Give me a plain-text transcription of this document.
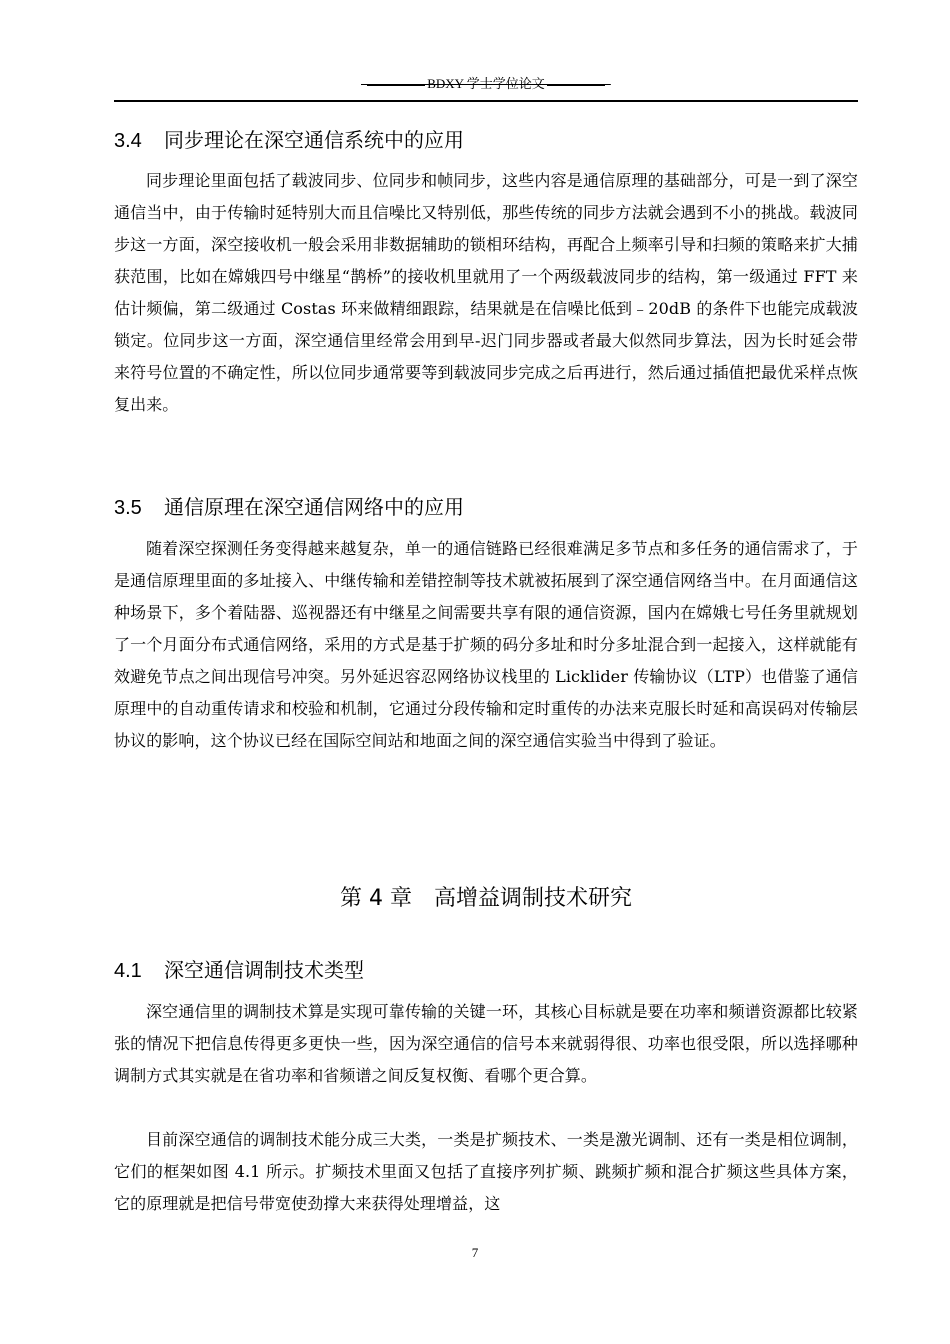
BDXY 学士学位论文
3.4 同步理论在深空通信系统中的应用
同步理论里面包括了载波同步、位同步和帧同步，这些内容是通信原理的基础部分，可是一到了深空通信当中，由于传输时延特别大而且信噪比又特别低，那些传统的同步方法就会遇到不小的挑战。载波同步这一方面，深空接收机一般会采用非数据辅助的锁相环结构，再配合上频率引导和扫频的策略来扩大捕获范围，比如在嫦娥四号中继星“鹊桥”的接收机里就用了一个两级载波同步的结构，第一级通过 FFT 来估计频偏，第二级通过 Costas 环来做精细跟踪，结果就是在信噪比低到﹣20dB 的条件下也能完成载波锁定。位同步这一方面，深空通信里经常会用到早-迟门同步器或者最大似然同步算法，因为长时延会带来符号位置的不确定性，所以位同步通常要等到载波同步完成之后再进行，然后通过插值把最优采样点恢复出来。
3.5 通信原理在深空通信网络中的应用
随着深空探测任务变得越来越复杂，单一的通信链路已经很难满足多节点和多任务的通信需求了，于是通信原理里面的多址接入、中继传输和差错控制等技术就被拓展到了深空通信网络当中。在月面通信这种场景下，多个着陆器、巡视器还有中继星之间需要共享有限的通信资源，国内在嫦娥七号任务里就规划了一个月面分布式通信网络，采用的方式是基于扩频的码分多址和时分多址混合到一起接入，这样就能有效避免节点之间出现信号冲突。另外延迟容忍网络协议栈里的 Licklider 传输协议（LTP）也借鉴了通信原理中的自动重传请求和校验和机制，它通过分段传输和定时重传的办法来克服长时延和高误码对传输层协议的影响，这个协议已经在国际空间站和地面之间的深空通信实验当中得到了验证。
第 4 章 高增益调制技术研究
4.1 深空通信调制技术类型
深空通信里的调制技术算是实现可靠传输的关键一环，其核心目标就是要在功率和频谱资源都比较紧张的情况下把信息传得更多更快一些，因为深空通信的信号本来就弱得很、功率也很受限，所以选择哪种调制方式其实就是在省功率和省频谱之间反复权衡、看哪个更合算。
目前深空通信的调制技术能分成三大类，一类是扩频技术、一类是激光调制、还有一类是相位调制，它们的框架如图 4.1 所示。扩频技术里面又包括了直接序列扩频、跳频扩频和混合扩频这些具体方案，它的原理就是把信号带宽使劲撑大来获得处理增益，这
7
